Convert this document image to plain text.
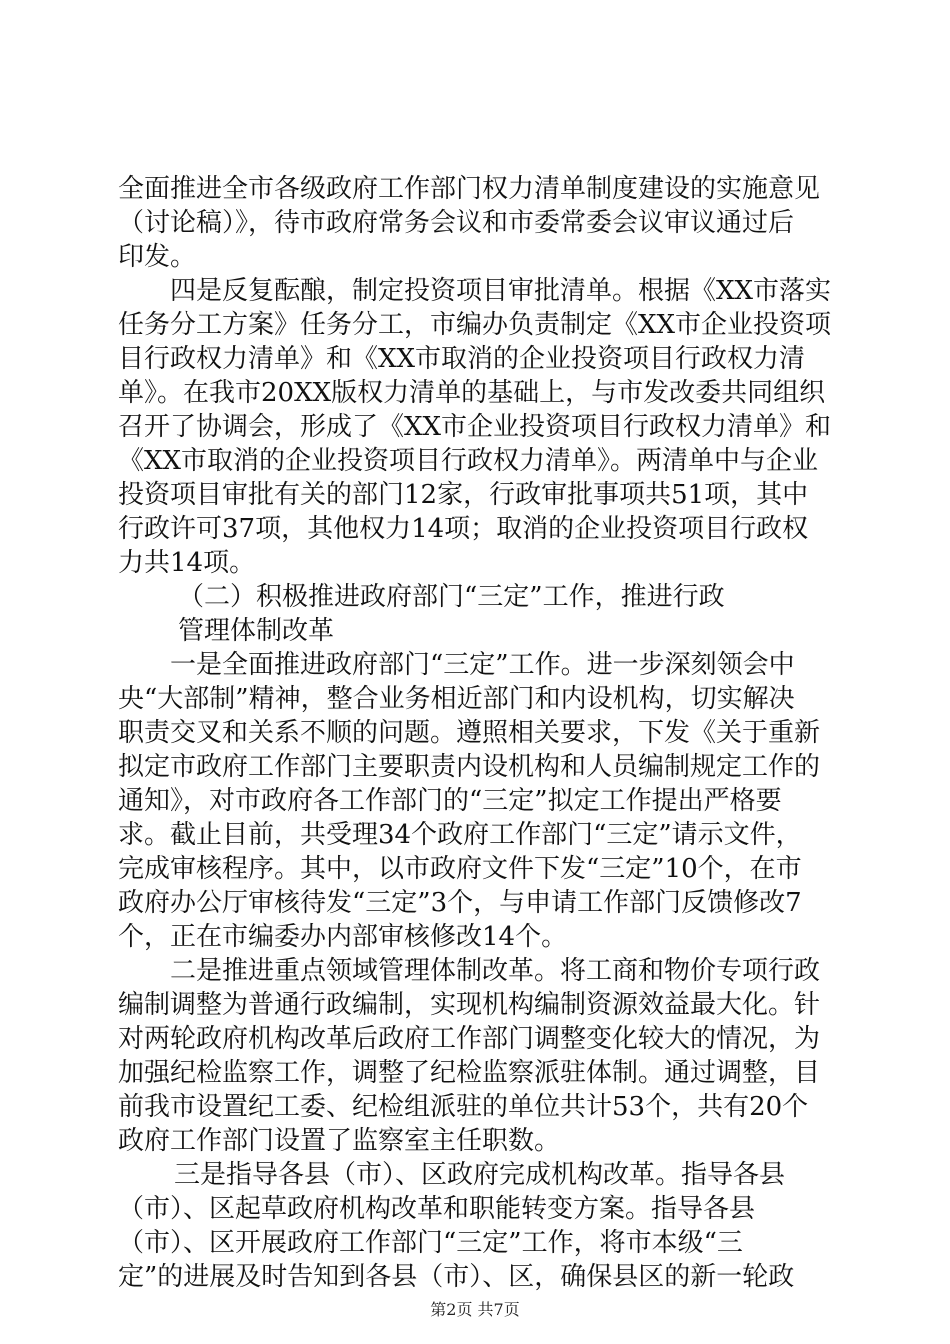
全面推进全市各级政府工作部门权力清单制度建设的实施意见
（讨论稿）》，待市政府常务会议和市委常委会议审议通过后
印发。
四是反复酝酿，制定投资项目审批清单。根据《XX市落实
任务分工方案》任务分工，市编办负责制定《XX市企业投资项
目行政权力清单》和《XX市取消的企业投资项目行政权力清
单》。在我市20XX版权力清单的基础上，与市发改委共同组织
召开了协调会，形成了《XX市企业投资项目行政权力清单》和
《XX市取消的企业投资项目行政权力清单》。两清单中与企业
投资项目审批有关的部门12家，行政审批事项共51项，其中
行政许可37项，其他权力14项；取消的企业投资项目行政权
力共14项。
（二）积极推进政府部门“三定”工作，推进行政
管理体制改革
一是全面推进政府部门“三定”工作。进一步深刻领会中
央“大部制”精神，整合业务相近部门和内设机构，切实解决
职责交叉和关系不顺的问题。遵照相关要求，下发《关于重新
拟定市政府工作部门主要职责内设机构和人员编制规定工作的
通知》，对市政府各工作部门的“三定”拟定工作提出严格要
求。截止目前，共受理34个政府工作部门“三定”请示文件，
完成审核程序。其中，以市政府文件下发“三定”10个，在市
政府办公厅审核待发“三定”3个，与申请工作部门反馈修改7
个，正在市编委办内部审核修改14个。
二是推进重点领域管理体制改革。将工商和物价专项行政
编制调整为普通行政编制，实现机构编制资源效益最大化。针
对两轮政府机构改革后政府工作部门调整变化较大的情况，为
加强纪检监察工作，调整了纪检监察派驻体制。通过调整，目
前我市设置纪工委、纪检组派驻的单位共计53个，共有20个
政府工作部门设置了监察室主任职数。
三是指导各县（市）、区政府完成机构改革。指导各县
（市）、区起草政府机构改革和职能转变方案。指导各县
（市）、区开展政府工作部门“三定”工作，将市本级“三
定”的进展及时告知到各县（市）、区，确保县区的新一轮政
第2页 共7页
